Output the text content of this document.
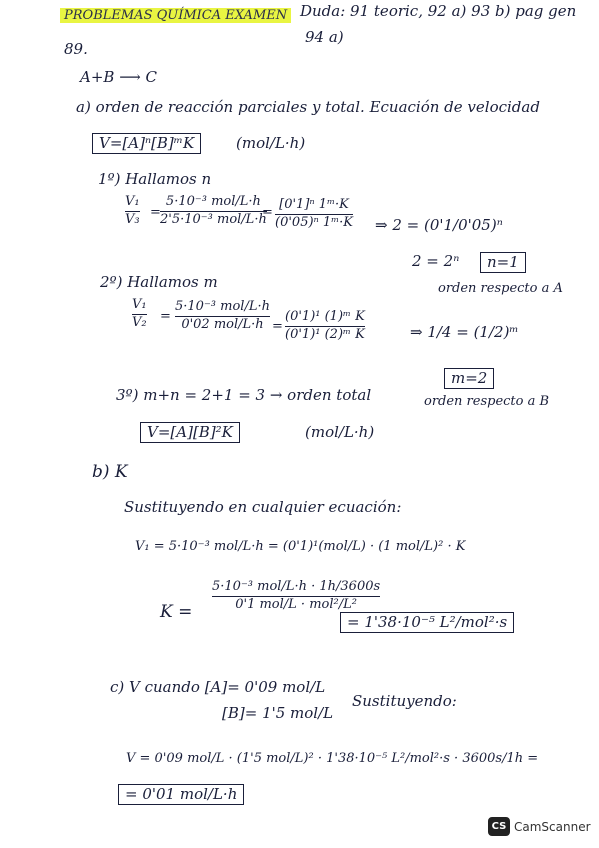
PROBLEMAS QUÍMICA EXAMEN Duda: 91 teoric, 92 a) 93 b) pag gen
94 a)
89.
A+B ⟶ C
a) orden de reacción parciales y total. Ecuación de velocidad
V=[A]ⁿ[B]ᵐK	(mol/L·h)
1º) Hallamos n
V₁
V₃ =
5·10⁻³ mol/L·h
2'5·10⁻³ mol/L·h
=
[0'1]ⁿ 1ᵐ·K
(0'05)ⁿ 1ᵐ·K ⇒ 2 = (0'1/0'05)ⁿ
2 = 2ⁿ	n=1
orden respecto a A
2º) Hallamos m
V₁
V₂ =
5·10⁻³ mol/L·h
0'02 mol/L·h =
(0'1)¹ (1)ᵐ K
(0'1)¹ (2)ᵐ K	⇒ 1/4 = (1/2)ᵐ
m=2
orden respecto a B
3º) m+n = 2+1 = 3 → orden total
V=[A][B]²K	(mol/L·h)
b) K
Sustituyendo en cualquier ecuación:
V₁ = 5·10⁻³ mol/L·h = (0'1)¹(mol/L) · (1 mol/L)² · K
K =
5·10⁻³ mol/L·h · 1h/3600s
0'1 mol/L · mol²/L²
= 1'38·10⁻⁵ L²/mol²·s
c) V cuando [A]= 0'09 mol/L
[B]= 1'5 mol/L
Sustituyendo:
V = 0'09 mol/L · (1'5 mol/L)² · 1'38·10⁻⁵ L²/mol²·s · 3600s/1h =
= 0'01 mol/L·h
CS CamScanner
